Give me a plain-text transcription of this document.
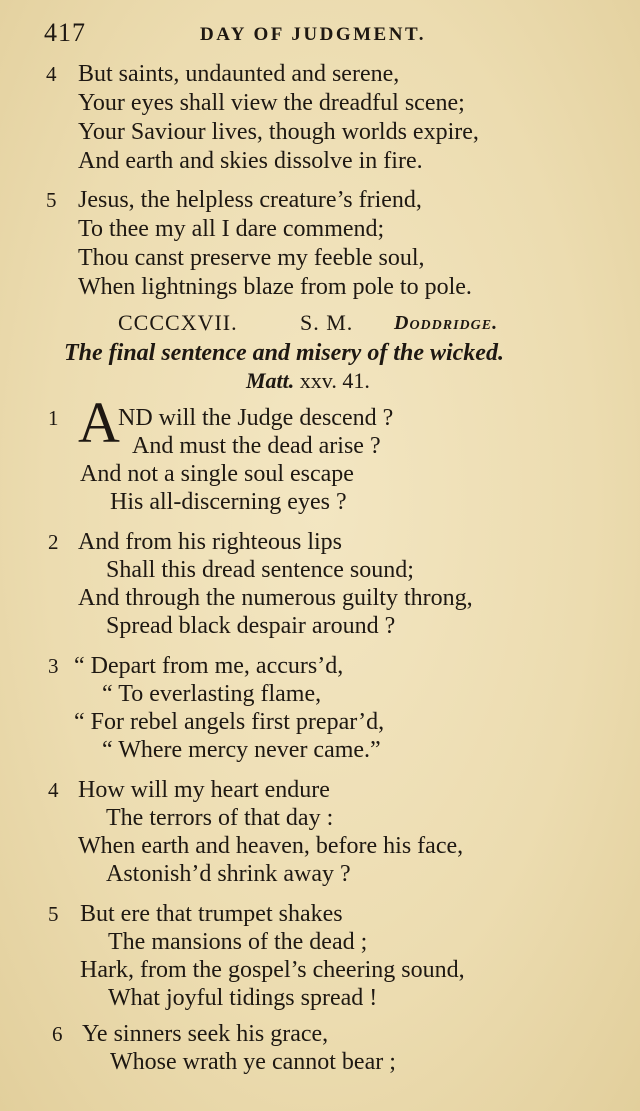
417	DAY OF JUDGMENT.
4 But saints, undaunted and serene,
Your eyes shall view the dreadful scene;
Your Saviour lives, though worlds expire,
And earth and skies dissolve in fire.
5 Jesus, the helpless creature’s friend,
To thee my all I dare commend;
Thou canst preserve my feeble soul,
When lightnings blaze from pole to pole.
CCCCXVII.	S. M. Doddridge.
The final sentence and misery of the wicked.
Matt. xxv. 41.
1 A
ND will the Judge descend ?
And must the dead arise ?
And not a single soul escape
His all-discerning eyes ?
2 And from his righteous lips
Shall this dread sentence sound;
And through the numerous guilty throng,
Spread black despair around ?
3 “ Depart from me, accurs’d,
“ To everlasting flame,
“ For rebel angels first prepar’d,
“ Where mercy never came.”
4 How will my heart endure
The terrors of that day :
When earth and heaven, before his face,
Astonish’d shrink away ?
5 But ere that trumpet shakes
The mansions of the dead ;
Hark, from the gospel’s cheering sound,
What joyful tidings spread !
6 Ye sinners seek his grace,
Whose wrath ye cannot bear ;
